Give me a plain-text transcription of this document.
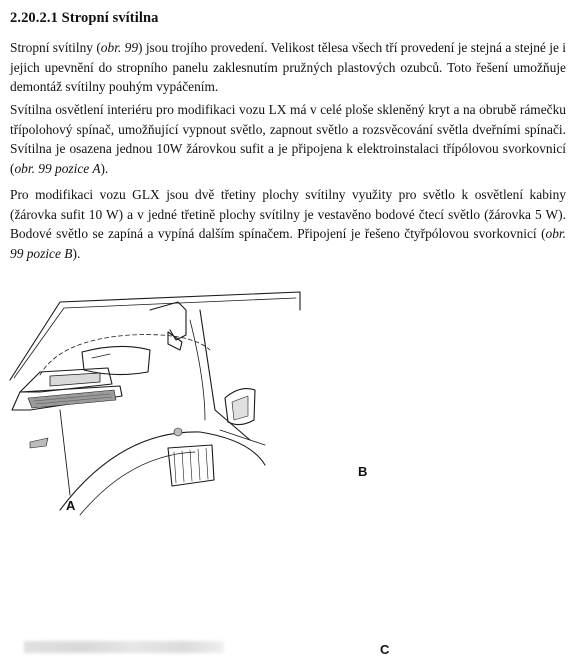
2.20.2.1 Stropní svítilna
Stropní svítilny (obr. 99) jsou trojího provedení. Velikost tělesa všech tří provedení je stejná a stejné je i jejich upevnění do stropního panelu zaklesnutím pružných plastových ozubců. Toto řešení umožňuje demontáž svítilny pouhým vypáčením.
Svítilna osvětlení interiéru pro modifikaci vozu LX má v celé ploše skleněný kryt a na obrubě rámečku třípolohový spínač, umožňující vypnout světlo, zapnout světlo a rozsvěcování světla dveřními spínači. Svítilna je osazena jednou 10W žárovkou sufit a je připojena k elektroinstalaci třípólovou svorkovnicí (obr. 99 pozice A).
Pro modifikaci vozu GLX jsou dvě třetiny plochy svítilny využity pro světlo k osvětlení kabiny (žárovka sufit 10 W) a v jedné třetině plochy svítilny je vestavěno bodové čtecí světlo (žárovka 5 W). Bodové světlo se zapíná a vypíná dalším spínačem. Připojení je řešeno čtyřpólovou svorkovnicí (obr. 99 pozice B).
A
B
C
